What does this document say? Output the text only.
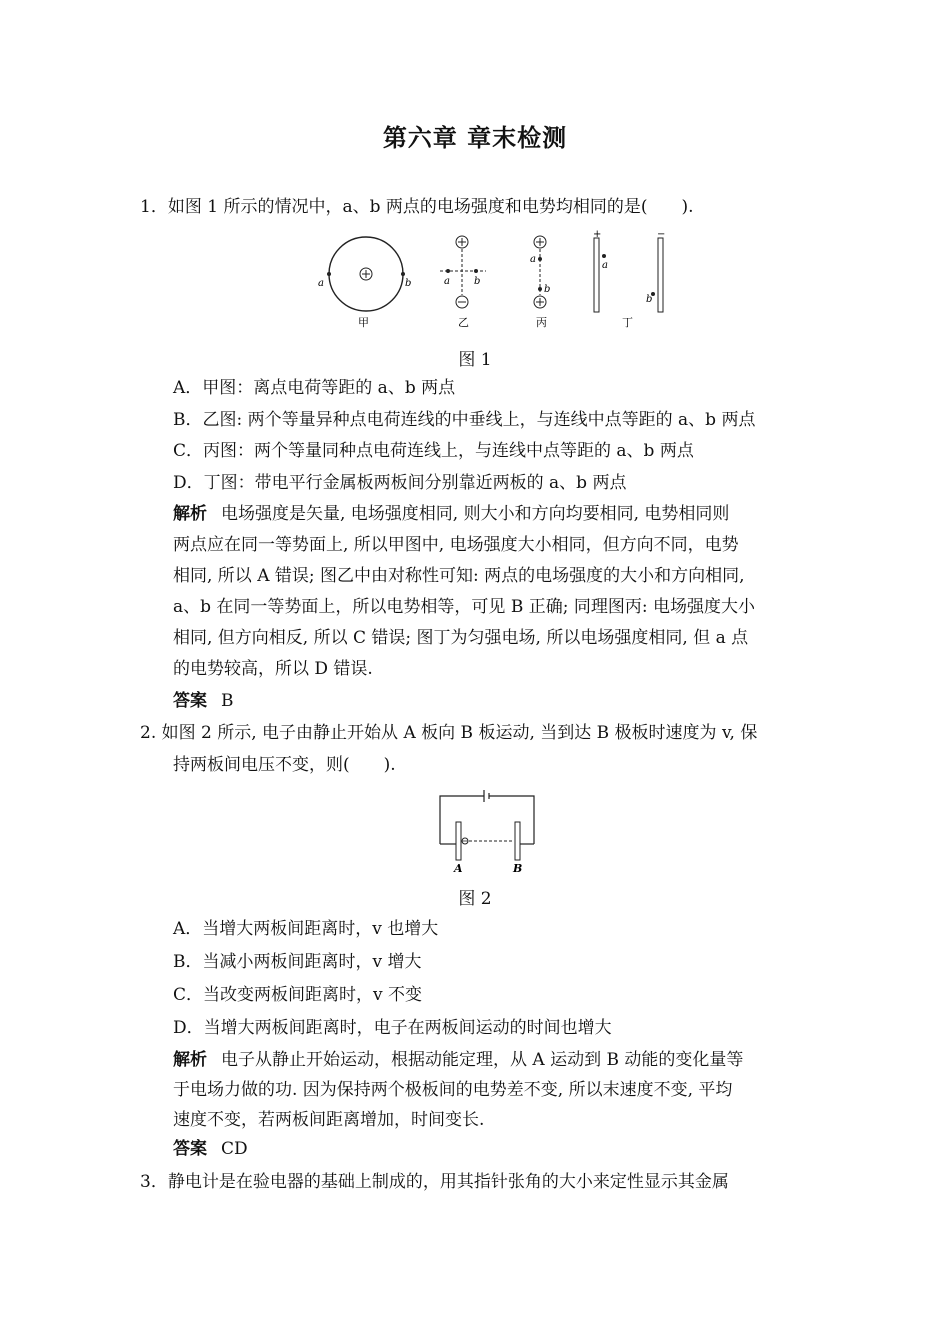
第六章 章末检测
1．如图 1 所示的情况中，a、b 两点的电场强度和电势均相同的是(　　).
a	b
甲
a b
乙
a
b
丙
+	−
a
b
丁
图 1
A．甲图：离点电荷等距的 a、b 两点
B．乙图: 两个等量异种点电荷连线的中垂线上，与连线中点等距的 a、b 两点
C．丙图：两个等量同种点电荷连线上，与连线中点等距的 a、b 两点
D．丁图：带电平行金属板两板间分别靠近两板的 a、b 两点
解析 电场强度是矢量, 电场强度相同, 则大小和方向均要相同, 电势相同则
两点应在同一等势面上, 所以甲图中, 电场强度大小相同，但方向不同，电势
相同, 所以 A 错误; 图乙中由对称性可知: 两点的电场强度的大小和方向相同,
a、b 在同一等势面上，所以电势相等，可见 B 正确; 同理图丙: 电场强度大小
相同, 但方向相反, 所以 C 错误; 图丁为匀强电场, 所以电场强度相同, 但 a 点
的电势较高，所以 D 错误.
答案 B
2. 如图 2 所示, 电子由静止开始从 A 板向 B 板运动, 当到达 B 极板时速度为 v, 保
持两板间电压不变，则(　　).
A	B
图 2
A．当增大两板间距离时，v 也增大
B．当减小两板间距离时，v 增大
C．当改变两板间距离时，v 不变
D．当增大两板间距离时，电子在两板间运动的时间也增大
解析 电子从静止开始运动，根据动能定理，从 A 运动到 B 动能的变化量等
于电场力做的功. 因为保持两个极板间的电势差不变, 所以末速度不变, 平均
速度不变，若两板间距离增加，时间变长.
答案 CD
3．静电计是在验电器的基础上制成的，用其指针张角的大小来定性显示其金属
